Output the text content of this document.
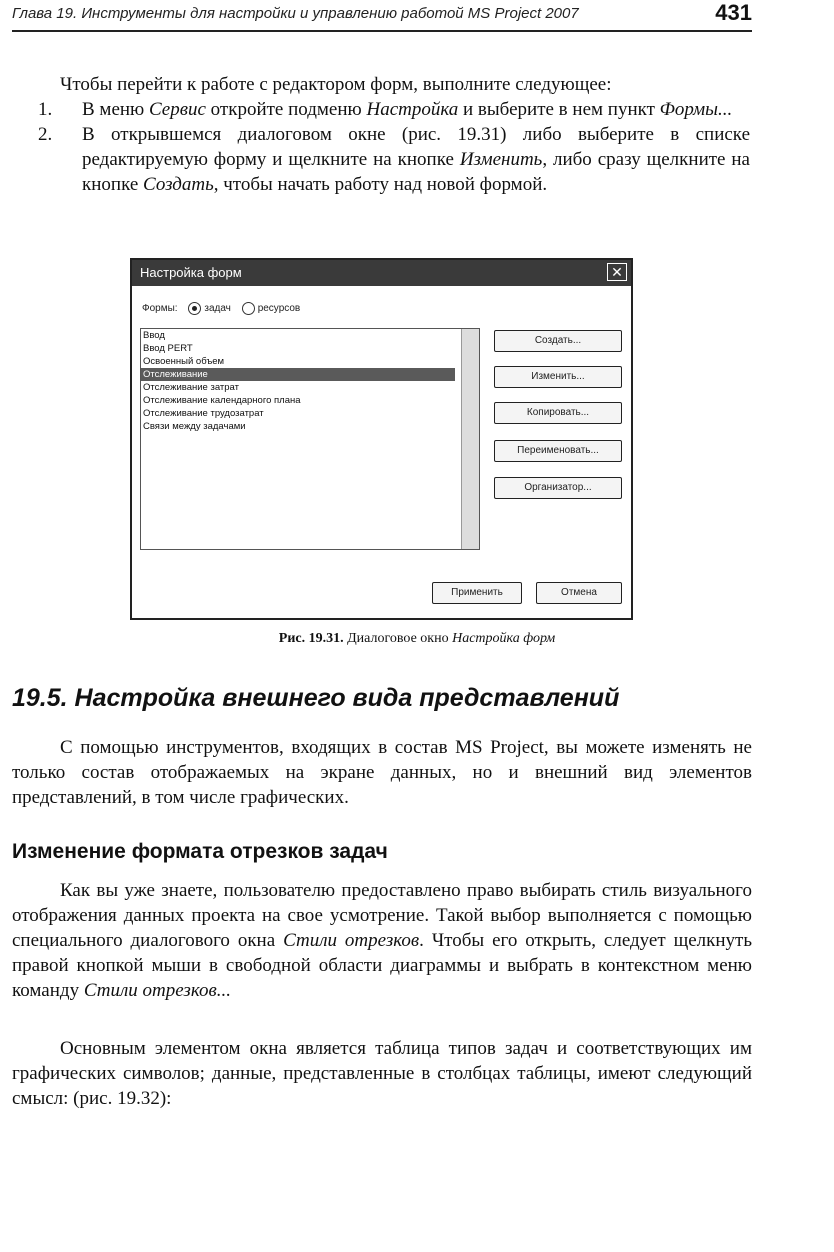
Глава 19. Инструменты для настройки и управлению работой MS Project 2007	431
Чтобы перейти к работе с редактором форм, выполните следующее:
1.	В меню Сервис откройте подменю Настройка и выберите в нем пункт Формы...
2.	В открывшемся диалоговом окне (рис. 19.31) либо выберите в списке редактируемую форму и щелкните на кнопке Изменить, либо сразу щелкните на кнопке Создать, чтобы начать работу над новой формой.
Настройка форм	✕
Формы:	задач	ресурсов
Ввод
Ввод PERT
Освоенный объем
Отслеживание
Отслеживание затрат
Отслеживание календарного плана
Отслеживание трудозатрат
Связи между задачами
Создать...
Изменить...
Копировать...
Переименовать...
Организатор...
Применить	Отмена
Рис. 19.31. Диалоговое окно Настройка форм
19.5. Настройка внешнего вида представлений
С помощью инструментов, входящих в состав MS Project, вы можете изменять не только состав отображаемых на экране данных, но и внешний вид элементов представлений, в том числе графических.
Изменение формата отрезков задач
Как вы уже знаете, пользователю предоставлено право выбирать стиль визуального отображения данных проекта на свое усмотрение. Такой выбор выполняется с помощью специального диалогового окна Стили отрезков. Чтобы его открыть, следует щелкнуть правой кнопкой мыши в свободной области диаграммы и выбрать в контекстном меню команду Стили отрезков...
Основным элементом окна является таблица типов задач и соответствующих им графических символов; данные, представленные в столбцах таблицы, имеют следующий смысл: (рис. 19.32):
